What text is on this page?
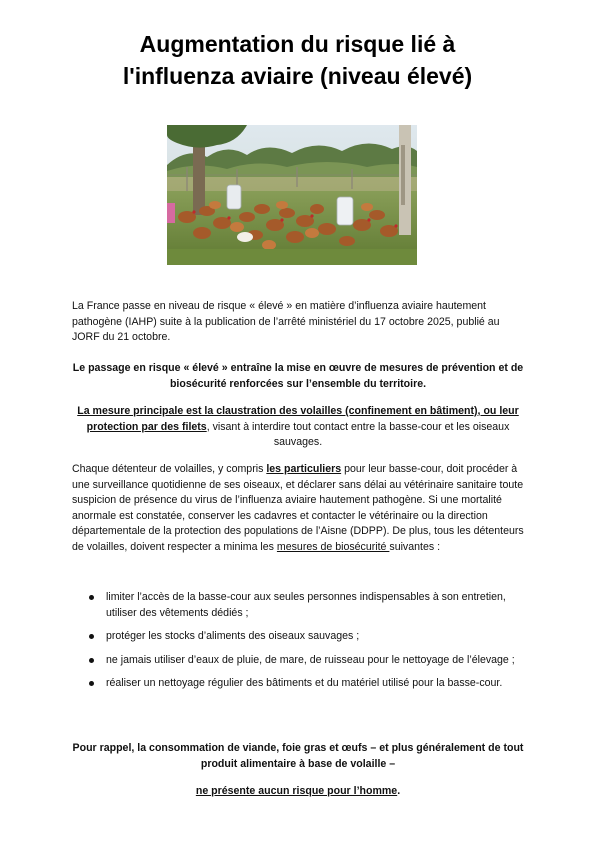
Augmentation du risque lié à
l'influenza aviaire (niveau élevé)
La France passe en niveau de risque « élevé » en matière d’influenza aviaire hautement pathogène (IAHP) suite à la publication de l’arrêté ministériel du 17 octobre 2025, publié au JORF du 21 octobre.
Le passage en risque « élevé » entraîne la mise en œuvre de mesures de prévention et de biosécurité renforcées sur l’ensemble du territoire.
La mesure principale est la claustration des volailles (confinement en bâtiment), ou leur protection par des filets, visant à interdire tout contact entre la basse-cour et les oiseaux sauvages.
Chaque détenteur de volailles, y compris les particuliers pour leur basse-cour, doit procéder à une surveillance quotidienne de ses oiseaux, et déclarer sans délai au vétérinaire sanitaire toute suspicion de présence du virus de l’influenza aviaire hautement pathogène. Si une mortalité anormale est constatée, conserver les cadavres et contacter le vétérinaire ou la direction départementale de la protection des populations de l’Aisne (DDPP). De plus, tous les détenteurs de volailles, doivent respecter a minima les mesures de biosécurité suivantes :
limiter l’accès de la basse-cour aux seules personnes indispensables à son entretien, utiliser des vêtements dédiés ;
protéger les stocks d’aliments des oiseaux sauvages ;
ne jamais utiliser d’eaux de pluie, de mare, de ruisseau pour le nettoyage de l’élevage ;
réaliser un nettoyage régulier des bâtiments et du matériel utilisé pour la basse-cour.
Pour rappel, la consommation de viande, foie gras et œufs – et plus généralement de tout produit alimentaire à base de volaille –
ne présente aucun risque pour l’homme.
